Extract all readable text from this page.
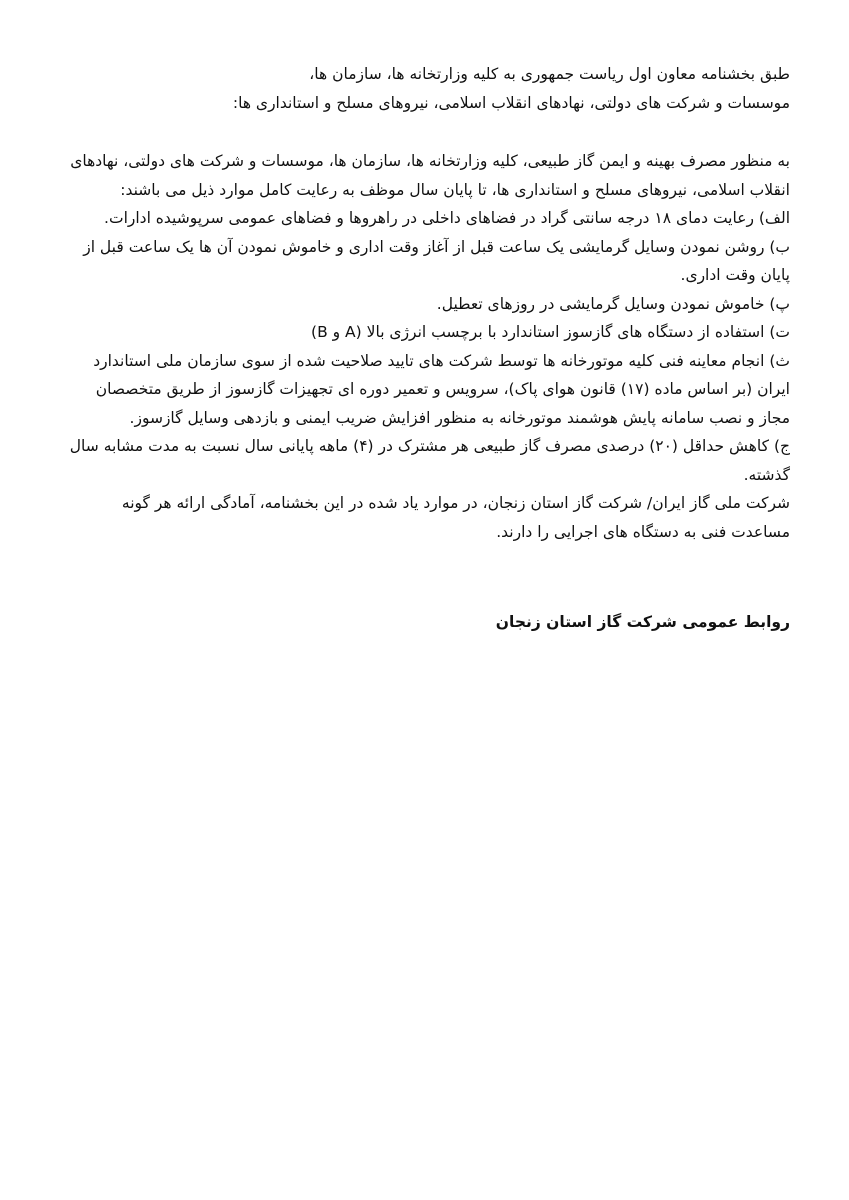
طبق بخشنامه معاون اول ریاست جمهوری به کلیه وزارتخانه ها، سازمان ها،

موسسات و شرکت های دولتی، نهادهای انقلاب اسلامی، نیروهای مسلح و استانداری ها:

به منظور مصرف بهینه و ایمن گاز طبیعی، کلیه وزارتخانه ها، سازمان ها، موسسات و شرکت های دولتی، نهادهای انقلاب اسلامی، نیروهای مسلح و استانداری ها، تا پایان سال موظف به رعایت کامل موارد ذیل می باشند:

الف) رعایت دمای ۱۸ درجه سانتی گراد در فضاهای داخلی در راهروها و فضاهای عمومی سرپوشیده ادارات.

ب) روشن نمودن وسایل گرمایشی یک ساعت قبل از آغاز وقت اداری و خاموش نمودن آن ها یک ساعت قبل از پایان وقت اداری.

پ) خاموش نمودن وسایل گرمایشی در روزهای تعطیل.

ت) استفاده از دستگاه های گازسوز استاندارد با برچسب انرژی بالا (A و B)

ث) انجام معاینه فنی کلیه موتورخانه ها توسط شرکت های تایید صلاحیت شده از سوی سازمان ملی استاندارد ایران (بر اساس ماده (۱۷) قانون هوای پاک)، سرویس و تعمیر دوره ای تجهیزات گازسوز از طریق متخصصان مجاز و نصب سامانه پایش هوشمند موتورخانه به منظور افزایش ضریب ایمنی و بازدهی وسایل گازسوز.

ج) کاهش حداقل (۲۰) درصدی مصرف گاز طبیعی هر مشترک در (۴) ماهه پایانی سال نسبت به مدت مشابه سال گذشته.

شرکت ملی گاز ایران/ شرکت گاز استان زنجان، در موارد یاد شده در این بخشنامه، آمادگی ارائه هر گونه مساعدت فنی به دستگاه های اجرایی را دارند.

روابط عمومی شرکت گاز استان زنجان
